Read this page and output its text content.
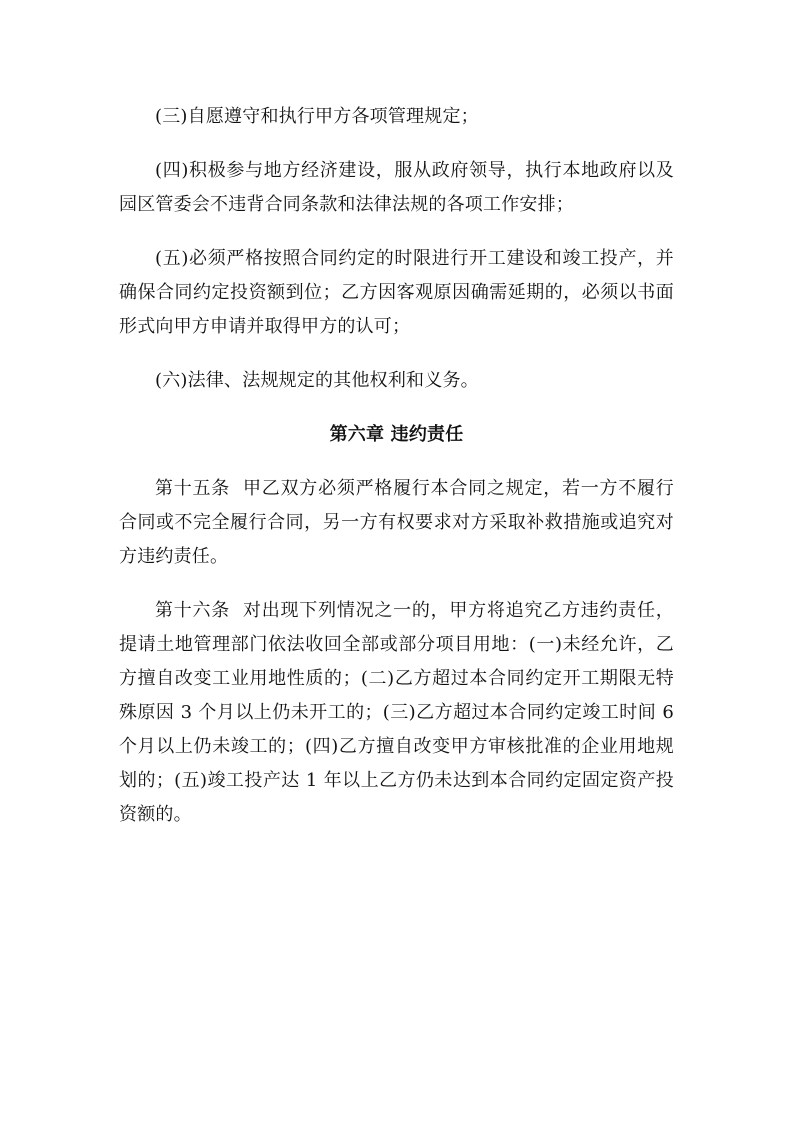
(三)自愿遵守和执行甲方各项管理规定；

(四)积极参与地方经济建设，服从政府领导，执行本地政府以及园区管委会不违背合同条款和法律法规的各项工作安排；

(五)必须严格按照合同约定的时限进行开工建设和竣工投产，并确保合同约定投资额到位；乙方因客观原因确需延期的，必须以书面形式向甲方申请并取得甲方的认可；

(六)法律、法规规定的其他权利和义务。

第六章 违约责任

第十五条  甲乙双方必须严格履行本合同之规定，若一方不履行合同或不完全履行合同，另一方有权要求对方采取补救措施或追究对方违约责任。

第十六条  对出现下列情况之一的，甲方将追究乙方违约责任，提请土地管理部门依法收回全部或部分项目用地：(一)未经允许，乙方擅自改变工业用地性质的；(二)乙方超过本合同约定开工期限无特殊原因 3 个月以上仍未开工的；(三)乙方超过本合同约定竣工时间 6 个月以上仍未竣工的；(四)乙方擅自改变甲方审核批准的企业用地规划的；(五)竣工投产达 1 年以上乙方仍未达到本合同约定固定资产投资额的。
